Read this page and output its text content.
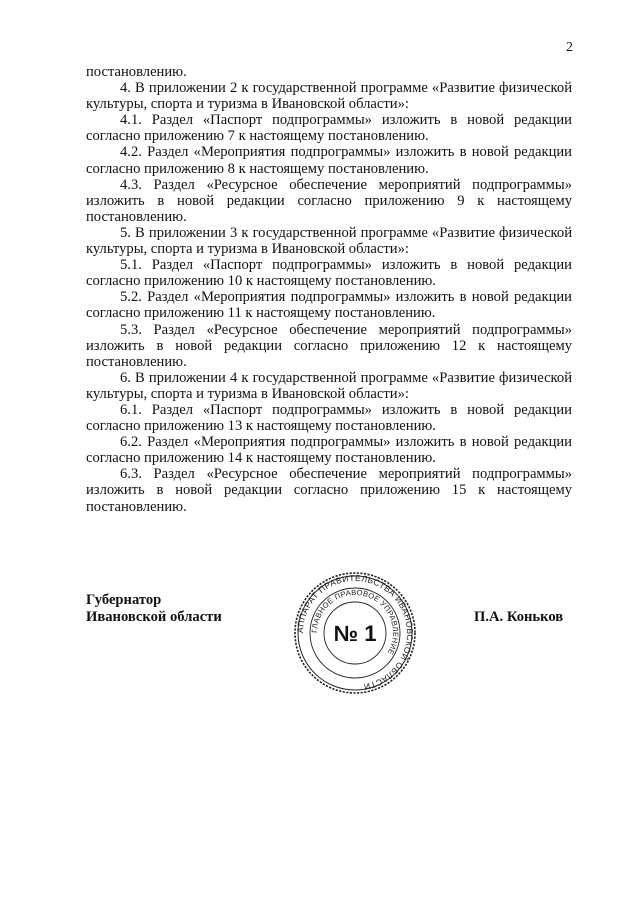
2

постановлению.

4. В приложении 2 к государственной программе «Развитие физической культуры, спорта и туризма в Ивановской области»:

4.1. Раздел «Паспорт подпрограммы» изложить в новой редакции согласно приложению 7 к настоящему постановлению.

4.2. Раздел «Мероприятия подпрограммы» изложить в новой редакции согласно приложению 8 к настоящему постановлению.

4.3. Раздел «Ресурсное обеспечение мероприятий подпрограммы» изложить в новой редакции согласно приложению 9 к настоящему постановлению.

5. В приложении 3 к государственной программе «Развитие физической культуры, спорта и туризма в Ивановской области»:

5.1. Раздел «Паспорт подпрограммы» изложить в новой редакции согласно приложению 10 к настоящему постановлению.

5.2. Раздел «Мероприятия подпрограммы» изложить в новой редакции согласно приложению 11 к настоящему постановлению.

5.3. Раздел «Ресурсное обеспечение мероприятий подпрограммы» изложить в новой редакции согласно приложению 12 к настоящему постановлению.

6. В приложении 4 к государственной программе «Развитие физической культуры, спорта и туризма в Ивановской области»:

6.1. Раздел «Паспорт подпрограммы» изложить в новой редакции согласно приложению 13 к настоящему постановлению.

6.2. Раздел «Мероприятия подпрограммы» изложить в новой редакции согласно приложению 14 к настоящему постановлению.

6.3. Раздел «Ресурсное обеспечение мероприятий подпрограммы» изложить в новой редакции согласно приложению 15 к настоящему постановлению.

Губернатор
Ивановской области	П.А. Коньков
АППАРАТ ПРАВИТЕЛЬСТВА ИВАНОВСКОЙ ОБЛАСТИ
ГЛАВНОЕ ПРАВОВОЕ УПРАВЛЕНИЕ
№ 1
